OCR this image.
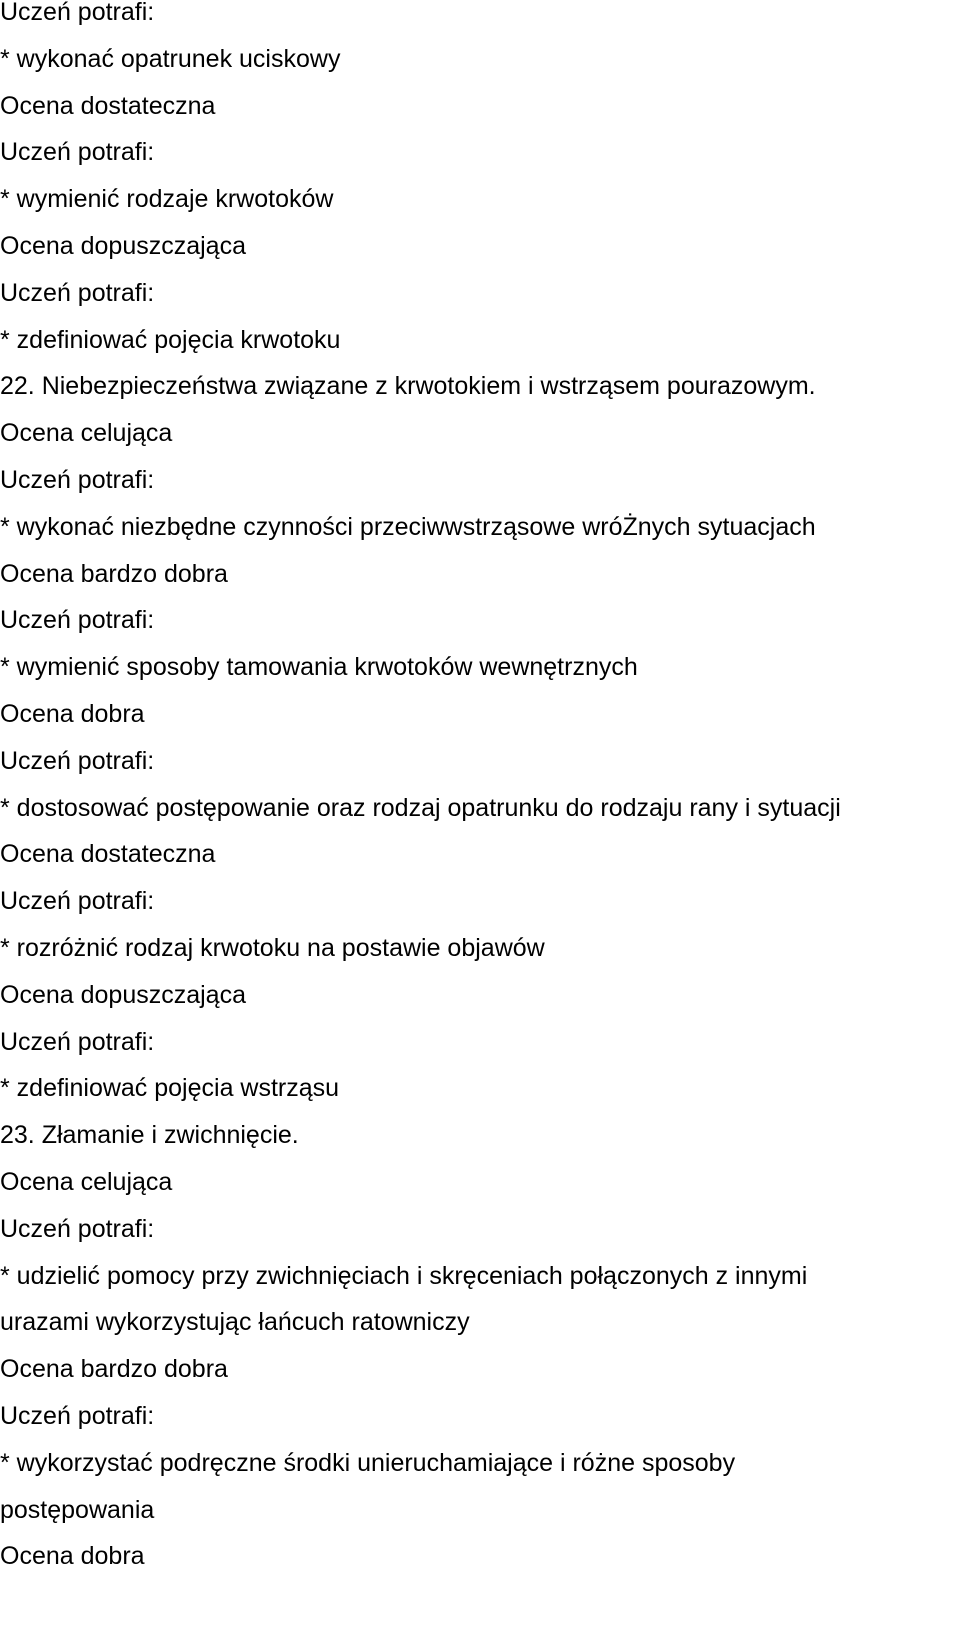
Uczeń potrafi:

* wykonać opatrunek uciskowy

Ocena dostateczna

Uczeń potrafi:

* wymienić rodzaje krwotoków

Ocena dopuszczająca

Uczeń potrafi:

* zdefiniować pojęcia krwotoku

22. Niebezpieczeństwa związane z krwotokiem i wstrząsem pourazowym.

Ocena celująca

Uczeń potrafi:

* wykonać niezbędne czynności przeciwwstrząsowe wróŻnych sytuacjach

Ocena bardzo dobra

Uczeń potrafi:

* wymienić sposoby tamowania krwotoków wewnętrznych

Ocena dobra

Uczeń potrafi:

* dostosować postępowanie oraz rodzaj opatrunku do rodzaju rany i sytuacji

Ocena dostateczna

Uczeń potrafi:

* rozróżnić rodzaj krwotoku na postawie objawów

Ocena dopuszczająca

Uczeń potrafi:

* zdefiniować pojęcia wstrząsu

23. Złamanie i zwichnięcie.

Ocena celująca

Uczeń potrafi:

* udzielić pomocy przy zwichnięciach i skręceniach połączonych z innymi

urazami wykorzystując łańcuch ratowniczy

Ocena bardzo dobra

Uczeń potrafi:

* wykorzystać podręczne środki unieruchamiające i różne sposoby

postępowania

Ocena dobra
